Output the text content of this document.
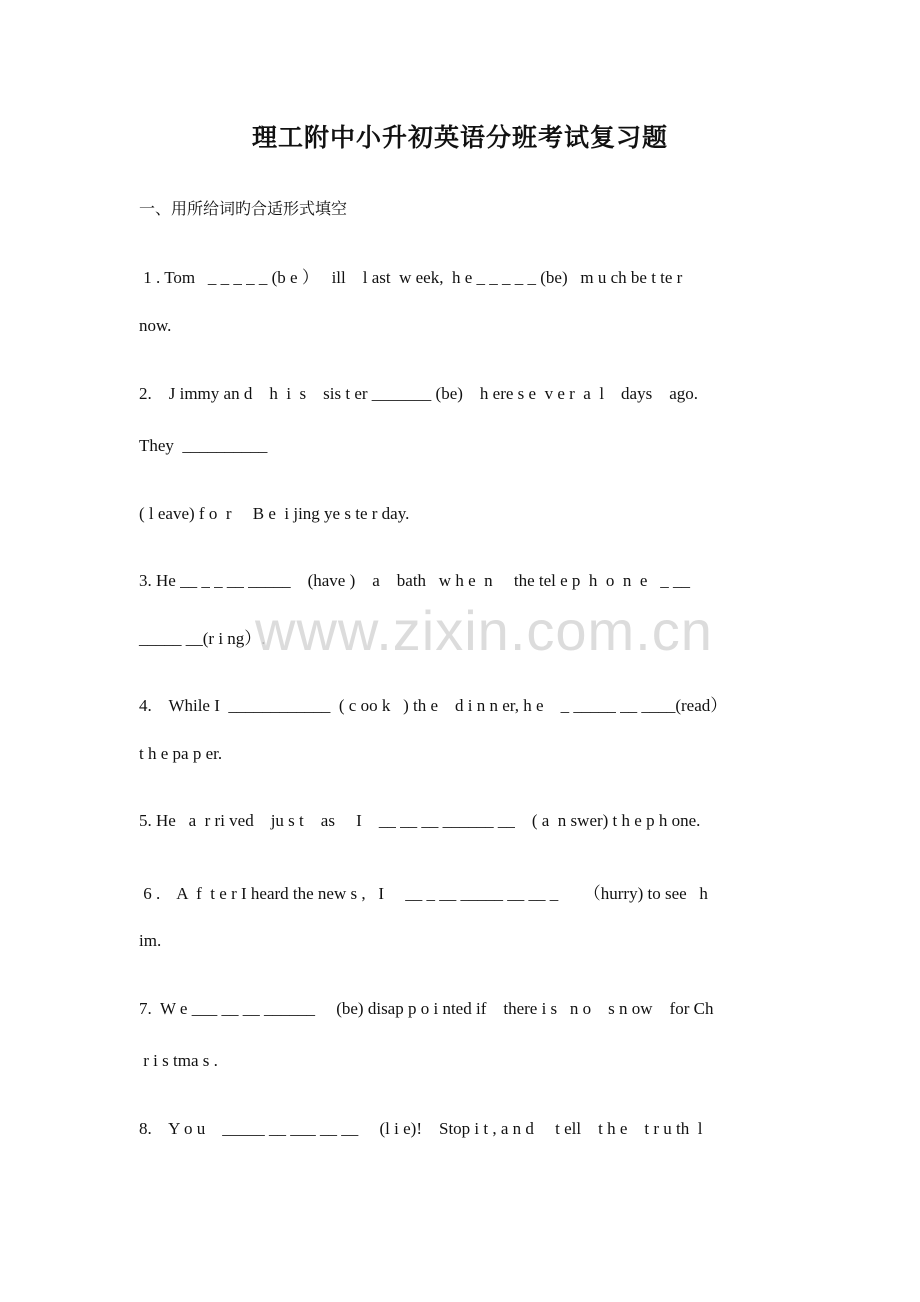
理工附中小升初英语分班考试复习题
一、用所给词旳合适形式填空
1 . Tom   _ _ _ _ _ (b e ）   ill    l ast  w eek,  h e _ _ _ _ _ (be)   m u ch be t te r
now.
2.    J immy an d    h  i  s    sis t er _______ (be)    h ere s e  v e r  a  l    days    ago.
They  __________
( l eave) f o  r     B e  i jing ye s te r day.
3. He __ _ _ __ _____    (have )    a    bath   w h e  n     the tel e p  h  o  n  e   _ __
_____ __(r i ng）.
4.    While I  ____________  ( c oo k   ) th e    d i n n er, h e    _ _____ __ ____(read）
t h e pa p er.
5. He   a  r ri ved    ju s t    as     I    __ __ __ ______ __    ( a  n swer) t h e p h one.
6 .    A  f  t e r I heard the new s ,   I     __ _ __ _____ __ __ _      （hurry) to see   h
im.
7.  W e ___ __ __ ______     (be) disap p o i nted if    there i s   n o    s n ow    for Ch
r i s tma s .
8.    Y o u    _____ __ ___ __ __     (l i e)!    Stop i t , a n d     t ell    t h e    t r u th  l
www.zixin.com.cn
